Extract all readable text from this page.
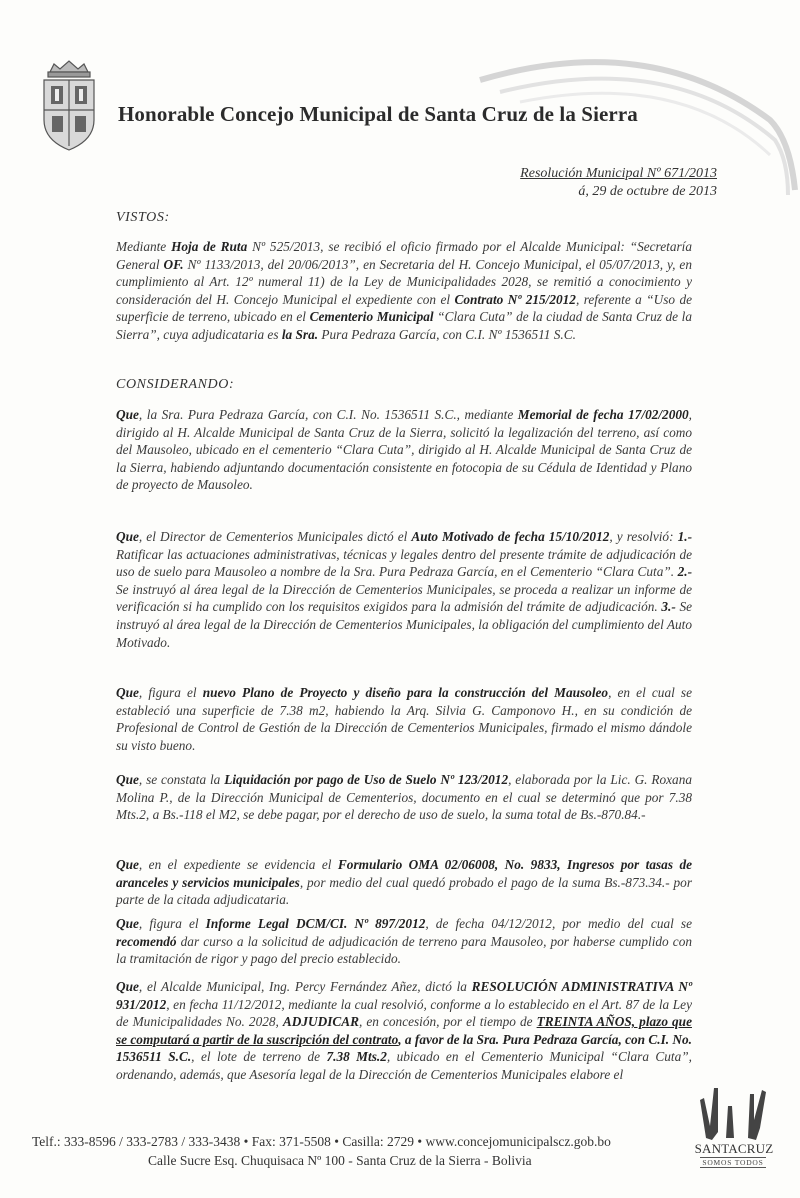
Honorable Concejo Municipal de Santa Cruz de la Sierra
Resolución Municipal Nº 671/2013
á, 29 de octubre de 2013
VISTOS:
Mediante Hoja de Ruta Nº 525/2013, se recibió el oficio firmado por el Alcalde Municipal: “Secretaría General OF. Nº 1133/2013, del 20/06/2013”, en Secretaria del H. Concejo Municipal, el 05/07/2013, y, en cumplimiento al Art. 12º numeral 11) de la Ley de Municipalidades 2028, se remitió a conocimiento y consideración del H. Concejo Municipal el expediente con el Contrato Nº 215/2012, referente a “Uso de superficie de terreno, ubicado en el Cementerio Municipal “Clara Cuta” de la ciudad de Santa Cruz de la Sierra”, cuya adjudicataria es la Sra. Pura Pedraza García, con C.I. Nº 1536511 S.C.
CONSIDERANDO:
Que, la Sra. Pura Pedraza García, con C.I. No. 1536511 S.C., mediante Memorial de fecha 17/02/2000, dirigido al H. Alcalde Municipal de Santa Cruz de la Sierra, solicitó la legalización del terreno, así como del Mausoleo, ubicado en el cementerio “Clara Cuta”, dirigido al H. Alcalde Municipal de Santa Cruz de la Sierra, habiendo adjuntando documentación consistente en fotocopia de su Cédula de Identidad y Plano de proyecto de Mausoleo.
Que, el Director de Cementerios Municipales dictó el Auto Motivado de fecha 15/10/2012, y resolvió: 1.- Ratificar las actuaciones administrativas, técnicas y legales dentro del presente trámite de adjudicación de uso de suelo para Mausoleo a nombre de la Sra. Pura Pedraza García, en el Cementerio “Clara Cuta”. 2.- Se instruyó al área legal de la Dirección de Cementerios Municipales, se proceda a realizar un informe de verificación si ha cumplido con los requisitos exigidos para la admisión del trámite de adjudicación. 3.- Se instruyó al área legal de la Dirección de Cementerios Municipales, la obligación del cumplimiento del Auto Motivado.
Que, figura el nuevo Plano de Proyecto y diseño para la construcción del Mausoleo, en el cual se estableció una superficie de 7.38 m2, habiendo la Arq. Silvia G. Camponovo H., en su condición de Profesional de Control de Gestión de la Dirección de Cementerios Municipales, firmado el mismo dándole su visto bueno.
Que, se constata la Liquidación por pago de Uso de Suelo Nº 123/2012, elaborada por la Lic. G. Roxana Molina P., de la Dirección Municipal de Cementerios, documento en el cual se determinó que por 7.38 Mts.2, a Bs.-118 el M2, se debe pagar, por el derecho de uso de suelo, la suma total de Bs.-870.84.-
Que, en el expediente se evidencia el Formulario OMA 02/06008, No. 9833, Ingresos por tasas de aranceles y servicios municipales, por medio del cual quedó probado el pago de la suma Bs.-873.34.- por parte de la citada adjudicataria.
Que, figura el Informe Legal DCM/CI. Nº 897/2012, de fecha 04/12/2012, por medio del cual se recomendó dar curso a la solicitud de adjudicación de terreno para Mausoleo, por haberse cumplido con la tramitación de rigor y pago del precio establecido.
Que, el Alcalde Municipal, Ing. Percy Fernández Añez, dictó la RESOLUCIÓN ADMINISTRATIVA Nº 931/2012, en fecha 11/12/2012, mediante la cual resolvió, conforme a lo establecido en el Art. 87 de la Ley de Municipalidades No. 2028, ADJUDICAR, en concesión, por el tiempo de TREINTA AÑOS, plazo que se computará a partir de la suscripción del contrato, a favor de la Sra. Pura Pedraza García, con C.I. No. 1536511 S.C., el lote de terreno de 7.38 Mts.2, ubicado en el Cementerio Municipal “Clara Cuta”, ordenando, además, que Asesoría legal de la Dirección de Cementerios Municipales elabore el
Telf.: 333-8596 / 333-2783 / 333-3438 • Fax: 371-5508 • Casilla: 2729 • www.concejomunicipalscz.gob.bo
Calle Sucre Esq. Chuquisaca Nº 100 - Santa Cruz de la Sierra - Bolivia
SANTACRUZ
SOMOS TODOS
